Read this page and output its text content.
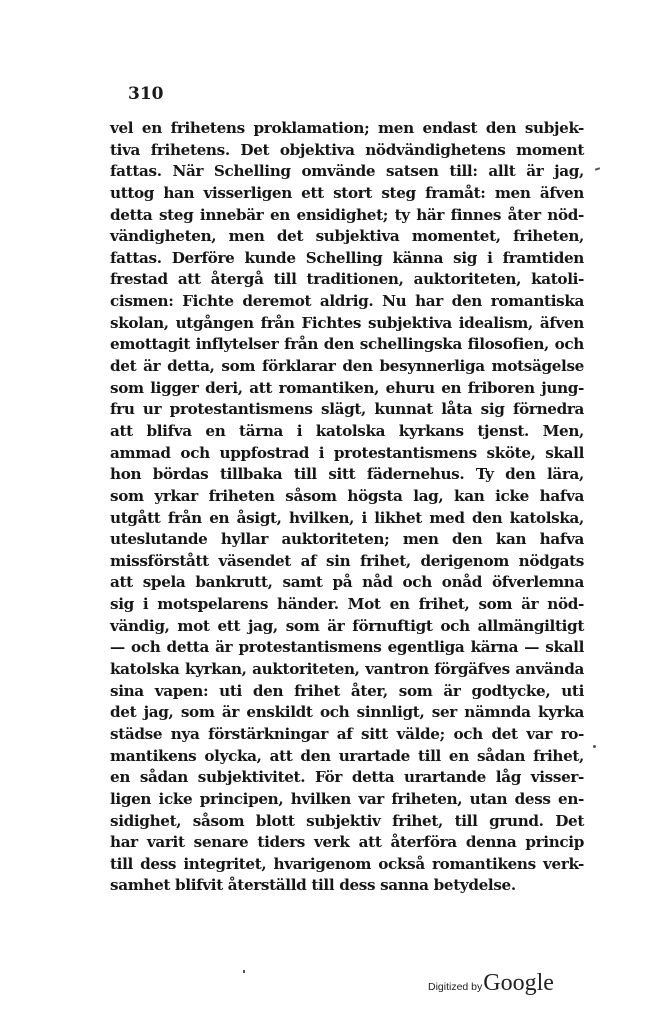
310
vel en frihetens proklamation; men endast den subjek-
tiva frihetens. Det objektiva nödvändighetens moment
fattas. När Schelling omvände satsen till: allt är jag,
uttog han visserligen ett stort steg framåt: men äfven
detta steg innebär en ensidighet; ty här finnes åter nöd-
vändigheten, men det subjektiva momentet, friheten,
fattas. Derföre kunde Schelling känna sig i framtiden
frestad att återgå till traditionen, auktoriteten, katoli-
cismen: Fichte deremot aldrig. Nu har den romantiska
skolan, utgången från Fichtes subjektiva idealism, äfven
emottagit inflytelser från den schellingska filosofien, och
det är detta, som förklarar den besynnerliga motsägelse
som ligger deri, att romantiken, ehuru en friboren jung-
fru ur protestantismens slägt, kunnat låta sig förnedra
att blifva en tärna i katolska kyrkans tjenst. Men,
ammad och uppfostrad i protestantismens sköte, skall
hon bördas tillbaka till sitt fädernehus. Ty den lära,
som yrkar friheten såsom högsta lag, kan icke hafva
utgått från en åsigt, hvilken, i likhet med den katolska,
uteslutande hyllar auktoriteten; men den kan hafva
missförstått väsendet af sin frihet, derigenom nödgats
att spela bankrutt, samt på nåd och onåd öfverlemna
sig i motspelarens händer. Mot en frihet, som är nöd-
vändig, mot ett jag, som är förnuftigt och allmängiltigt
— och detta är protestantismens egentliga kärna — skall
katolska kyrkan, auktoriteten, vantron förgäfves använda
sina vapen: uti den frihet åter, som är godtycke, uti
det jag, som är enskildt och sinnligt, ser nämnda kyrka
städse nya förstärkningar af sitt välde; och det var ro-
mantikens olycka, att den urartade till en sådan frihet,
en sådan subjektivitet. För detta urartande låg visser-
ligen icke principen, hvilken var friheten, utan dess en-
sidighet, såsom blott subjektiv frihet, till grund. Det
har varit senare tiders verk att återföra denna princip
till dess integritet, hvarigenom också romantikens verk-
samhet blifvit återställd till dess sanna betydelse.
Digitized by Google
